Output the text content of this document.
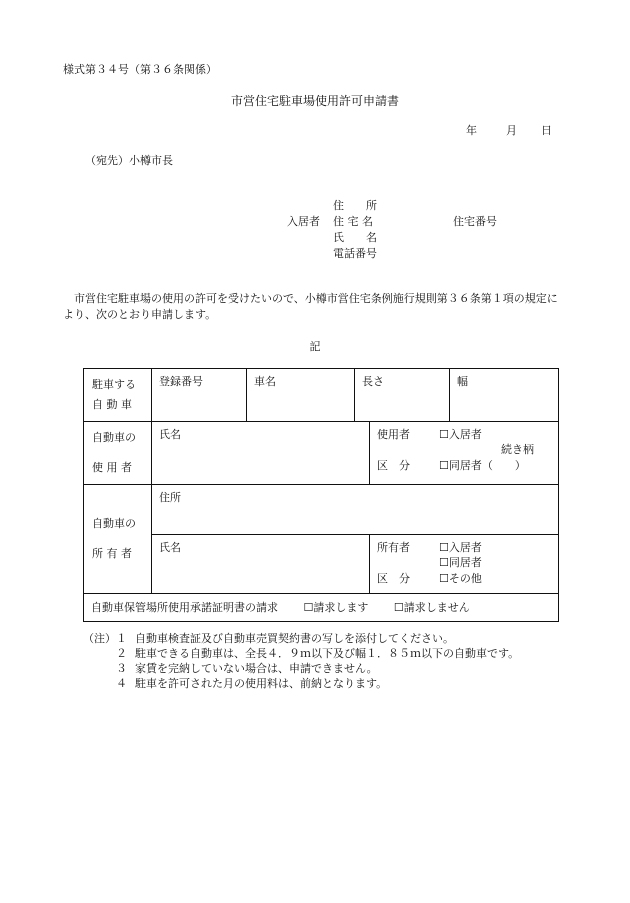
様式第３４号（第３６条関係）
市営住宅駐車場使用許可申請書
年	月 日
（宛先）小樽市長
入居者
住　　所
住 宅 名
氏　　名
電話番号
住宅番号
　市営住宅駐車場の使用の許可を受けたいので、小樽市営住宅条例施行規則第３６条第１項の規定により、次のとおり申請します。
記
駐車する
自 動 車	登録番号	車名	長さ		幅
自動車の
使 用 者	氏名			使用者 ☐入居者
続き柄
区　分 ☐同居者（　　）	

自動車の
所 有 者	住所				
	氏名			所有者 ☐入居者
☐同居者
区　分 ☐その他	

自動車保管場所使用承諾証明書の請求 ☐請求します ☐請求しません					
（注） １ 自動車検査証及び自動車売買契約書の写しを添付してください。
２ 駐車できる自動車は、全長４．９ｍ以下及び幅１．８５ｍ以下の自動車です。
３ 家賃を完納していない場合は、申請できません。
４ 駐車を許可された月の使用料は、前納となります。
